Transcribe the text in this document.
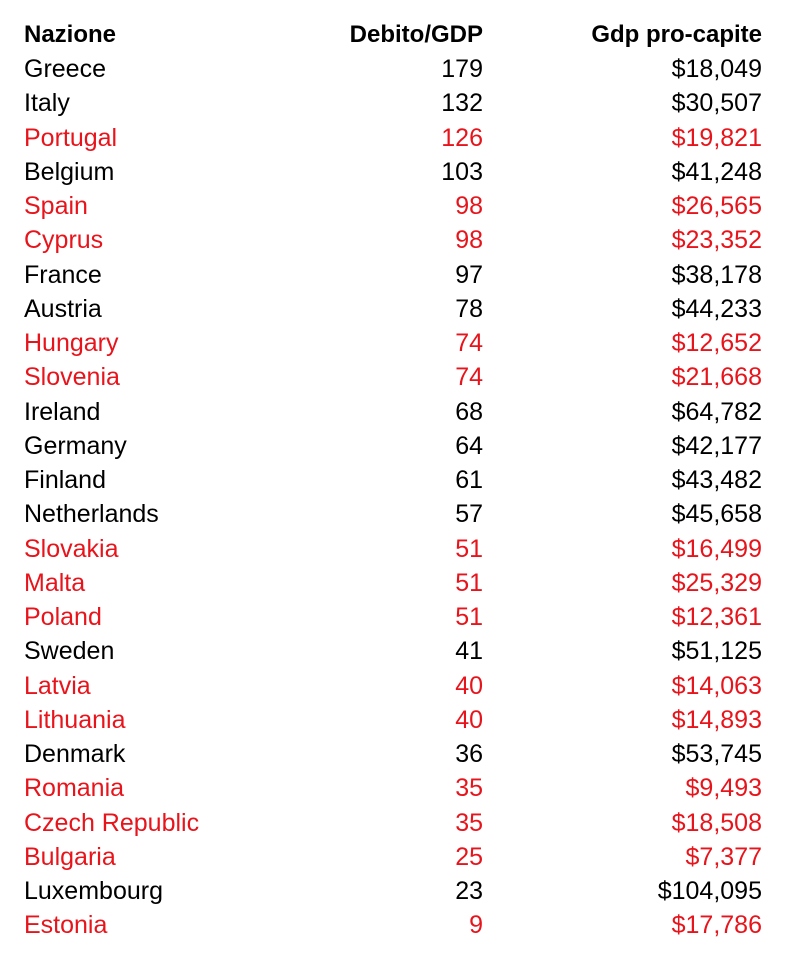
Nazione	Debito/GDP	Gdp pro-capite
Greece	179	$18,049
Italy	132	$30,507
Portugal	126	$19,821
Belgium	103	$41,248
Spain	98	$26,565
Cyprus	98	$23,352
France	97	$38,178
Austria	78	$44,233
Hungary	74	$12,652
Slovenia	74	$21,668
Ireland	68	$64,782
Germany	64	$42,177
Finland	61	$43,482
Netherlands	57	$45,658
Slovakia	51	$16,499
Malta	51	$25,329
Poland	51	$12,361
Sweden	41	$51,125
Latvia	40	$14,063
Lithuania	40	$14,893
Denmark	36	$53,745
Romania	35	$9,493
Czech Republic	35	$18,508
Bulgaria	25	$7,377
Luxembourg	23	$104,095
Estonia	9	$17,786
